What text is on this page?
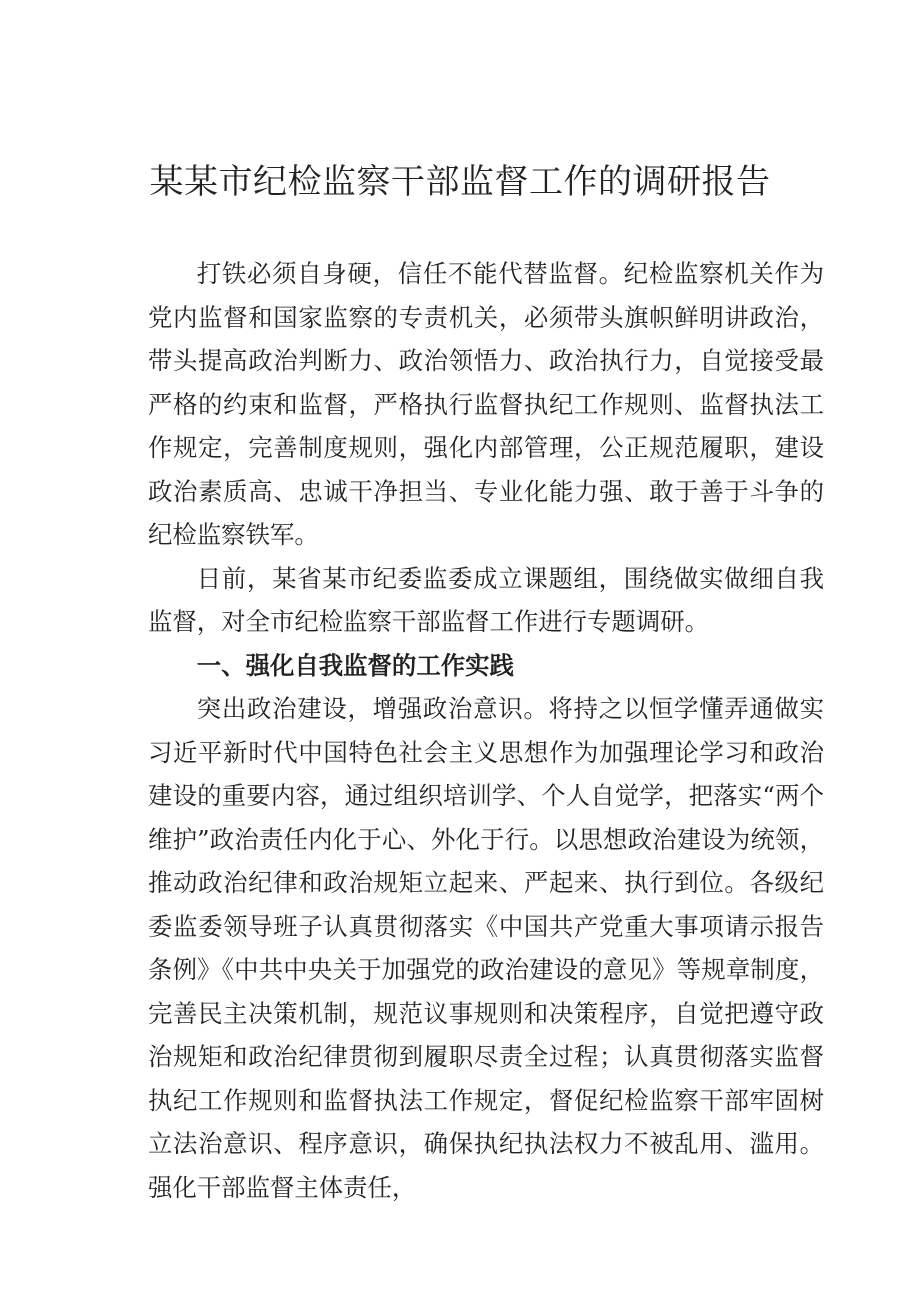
某某市纪检监察干部监督工作的调研报告

打铁必须自身硬，信任不能代替监督。纪检监察机关作为党内监督和国家监察的专责机关，必须带头旗帜鲜明讲政治，带头提高政治判断力、政治领悟力、政治执行力，自觉接受最严格的约束和监督，严格执行监督执纪工作规则、监督执法工作规定，完善制度规则，强化内部管理，公正规范履职，建设政治素质高、忠诚干净担当、专业化能力强、敢于善于斗争的纪检监察铁军。

日前，某省某市纪委监委成立课题组，围绕做实做细自我监督，对全市纪检监察干部监督工作进行专题调研。

一、强化自我监督的工作实践

突出政治建设，增强政治意识。将持之以恒学懂弄通做实习近平新时代中国特色社会主义思想作为加强理论学习和政治建设的重要内容，通过组织培训学、个人自觉学，把落实“两个维护”政治责任内化于心、外化于行。以思想政治建设为统领，推动政治纪律和政治规矩立起来、严起来、执行到位。各级纪委监委领导班子认真贯彻落实《中国共产党重大事项请示报告条例》《中共中央关于加强党的政治建设的意见》等规章制度，完善民主决策机制，规范议事规则和决策程序，自觉把遵守政治规矩和政治纪律贯彻到履职尽责全过程；认真贯彻落实监督执纪工作规则和监督执法工作规定，督促纪检监察干部牢固树立法治意识、程序意识，确保执纪执法权力不被乱用、滥用。强化干部监督主体责任，
